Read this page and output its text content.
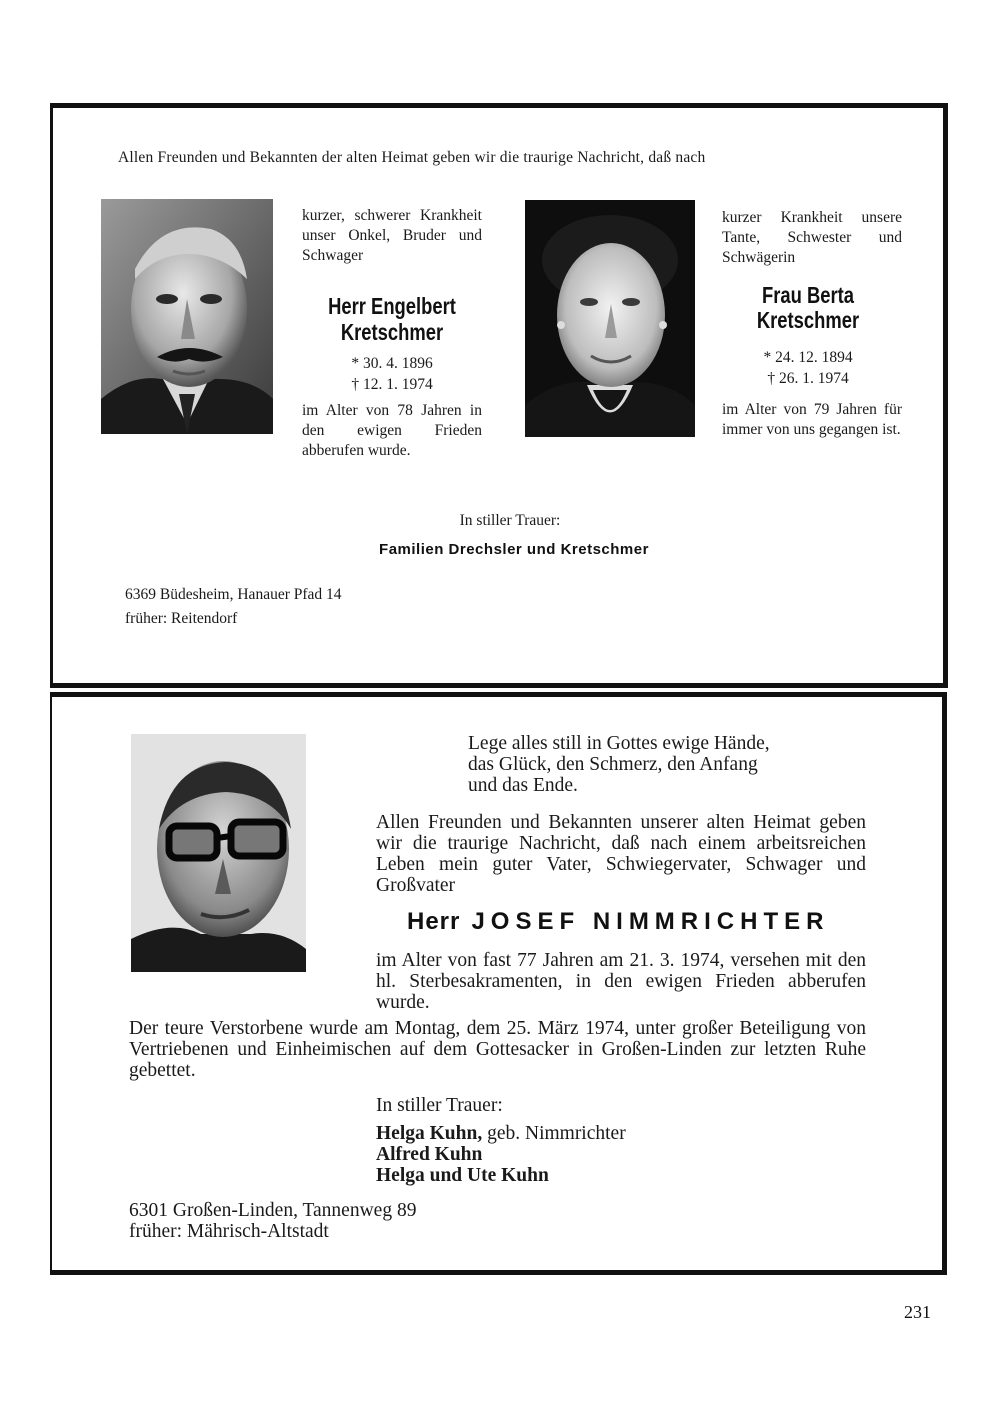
Allen Freunden und Bekannten der alten Heimat geben wir die traurige Nachricht, daß nach
kurzer, schwerer Krankheit unser Onkel, Bruder und Schwager
Herr Engelbert
Kretschmer
* 30. 4. 1896
† 12. 1. 1974
im Alter von 78 Jahren in den ewigen Frieden abberufen wurde.
kurzer Krankheit unsere Tante, Schwester und Schwägerin
Frau Berta
Kretschmer
* 24. 12. 1894
† 26. 1. 1974
im Alter von 79 Jahren für immer von uns gegangen ist.
In stiller Trauer:
Familien Drechsler und Kretschmer
6369 Büdesheim, Hanauer Pfad 14
früher: Reitendorf
Lege alles still in Gottes ewige Hände,
das Glück, den Schmerz, den Anfang
und das Ende.
Allen Freunden und Bekannten unserer alten Heimat geben wir die traurige Nachricht, daß nach einem arbeitsreichen Leben mein guter Vater, Schwiegervater, Schwager und Großvater
Herr JOSEF NIMMRICHTER
im Alter von fast 77 Jahren am 21. 3. 1974, versehen mit den hl. Sterbesakramenten, in den ewigen Frieden abberufen wurde.
Der teure Verstorbene wurde am Montag, dem 25. März 1974, unter großer Beteiligung von Vertriebenen und Einheimischen auf dem Gottesacker in Großen-Linden zur letzten Ruhe gebettet.
In stiller Trauer:
Helga Kuhn, geb. Nimmrichter
Alfred Kuhn
Helga und Ute Kuhn
6301 Großen-Linden, Tannenweg 89
früher: Mährisch-Altstadt
231
